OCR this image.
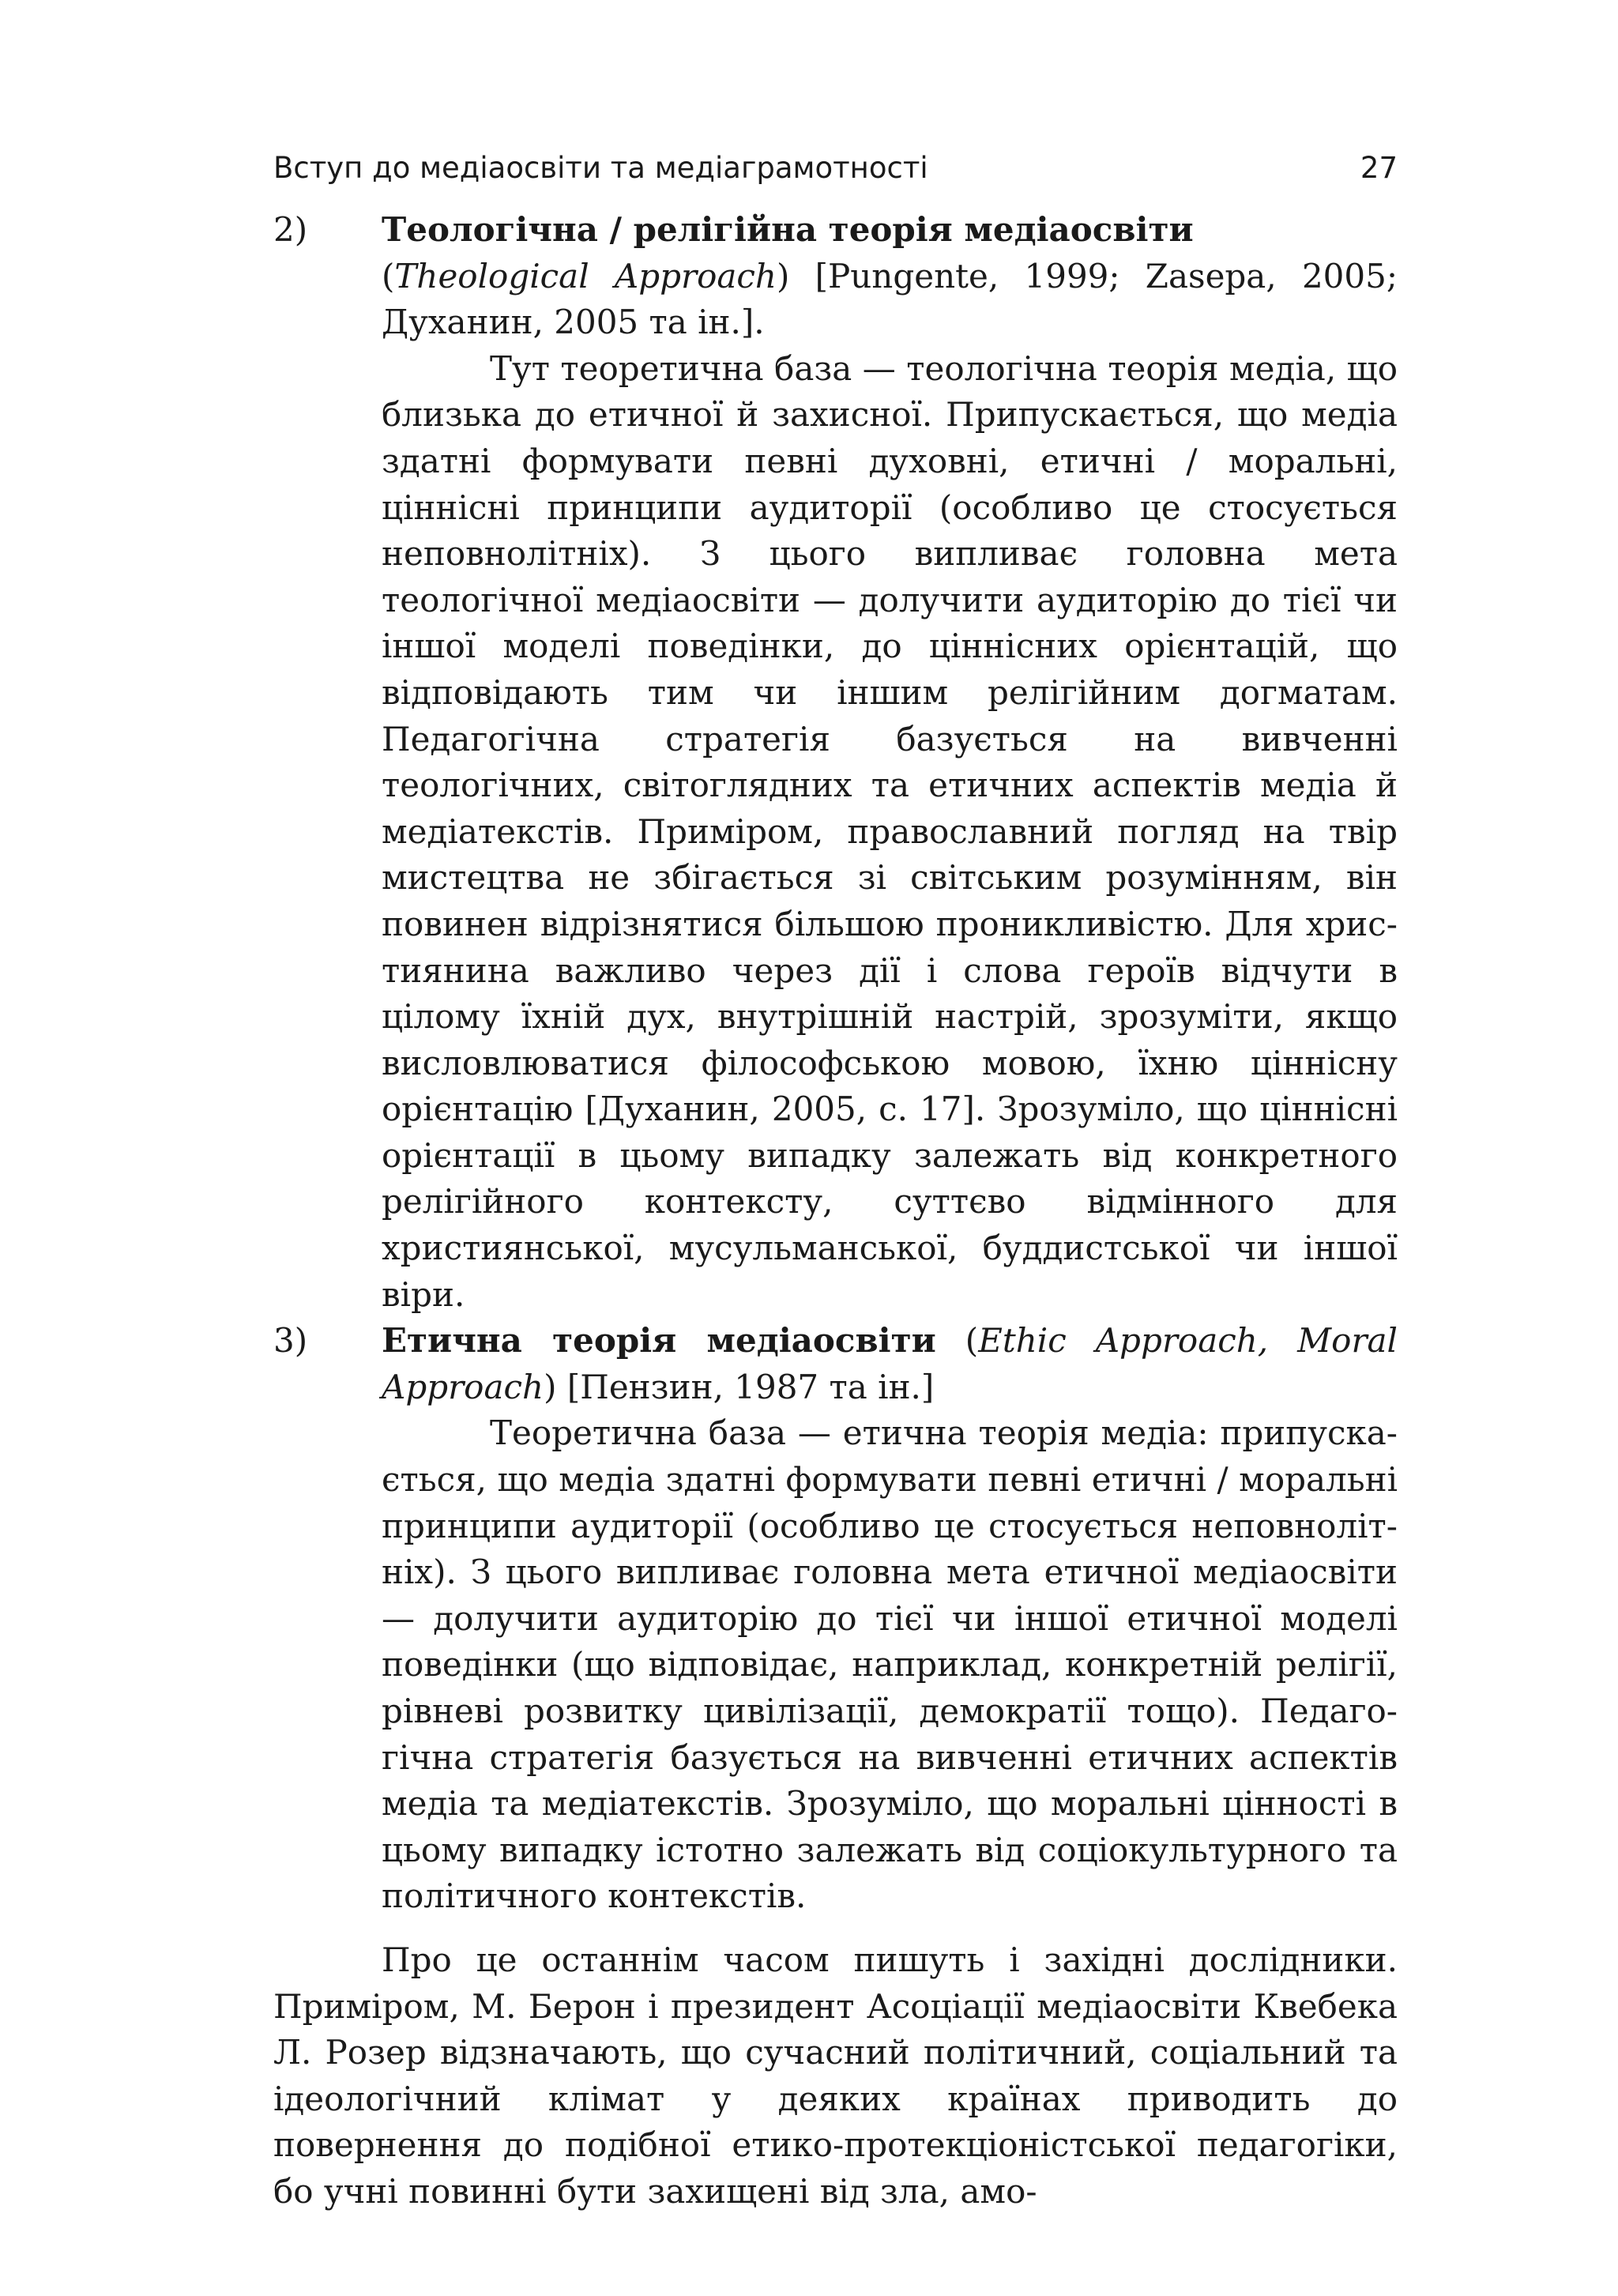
Вступ до медіаосвіти та медіаграмотності	27
2)	Теологічна / релігійна теорія медіаосвіти
(Theological Approach) [Pungente, 1999; Zasepa, 2005; Духанин, 2005 та ін.].

Тут теоретична база — теологічна теорія медіа, що близька до етичної й захисної. Припускається, що медіа здатні формувати певні духовні, етичні / моральні, ціннісні принципи аудиторії (особливо це стосується неповнолітніх). З цього випливає головна мета теологічної медіаосвіти — долучити аудиторію до тієї чи іншої моделі поведінки, до ціннісних орієнтацій, що відповідають тим чи іншим релігійним догматам. Педагогічна стратегія базується на вивченні теологічних, світоглядних та етичних аспектів медіа й медіатекстів. Приміром, православний погляд на твір мистецтва не збігається зі світським розумінням, він повинен відрізнятися більшою проникливістю. Для християнина важливо через дії і слова героїв відчути в цілому їхній дух, внутрішній настрій, зрозуміти, якщо висловлюватися філософською мовою, їхню ціннісну орієнтацію [Духанин, 2005, с. 17]. Зрозуміло, що ціннісні орієнтації в цьому випадку залежать від конкретного релігійного контексту, суттєво відмінного для християнської, мусульманської, буддистської чи іншої віри.

3)	Етична теорія медіаосвіти (Ethic Approach, Moral Approach) [Пензин, 1987 та ін.]

Теоретична база — етична теорія медіа: припускається, що медіа здатні формувати певні етичні / моральні принципи аудиторії (особливо це стосується неповнолітніх). З цього випливає головна мета етичної медіаосвіти — долучити аудиторію до тієї чи іншої етичної моделі поведінки (що відповідає, наприклад, конкретній релігії, рівневі розвитку цивілізації, демократії тощо). Педагогічна стратегія базується на вивченні етичних аспектів медіа та медіатекстів. Зрозуміло, що моральні цінності в цьому випадку істотно залежать від соціокультурного та політичного контекстів.

Про це останнім часом пишуть і західні дослідники. Приміром, М. Берон і президент Асоціації медіаосвіти Квебека Л. Розер відзначають, що сучасний політичний, соціальний та ідеологічний клімат у деяких країнах приводить до повернення до подібної етико-протекціоністської педагогіки, бо учні повинні бути захищені від зла, амо-
